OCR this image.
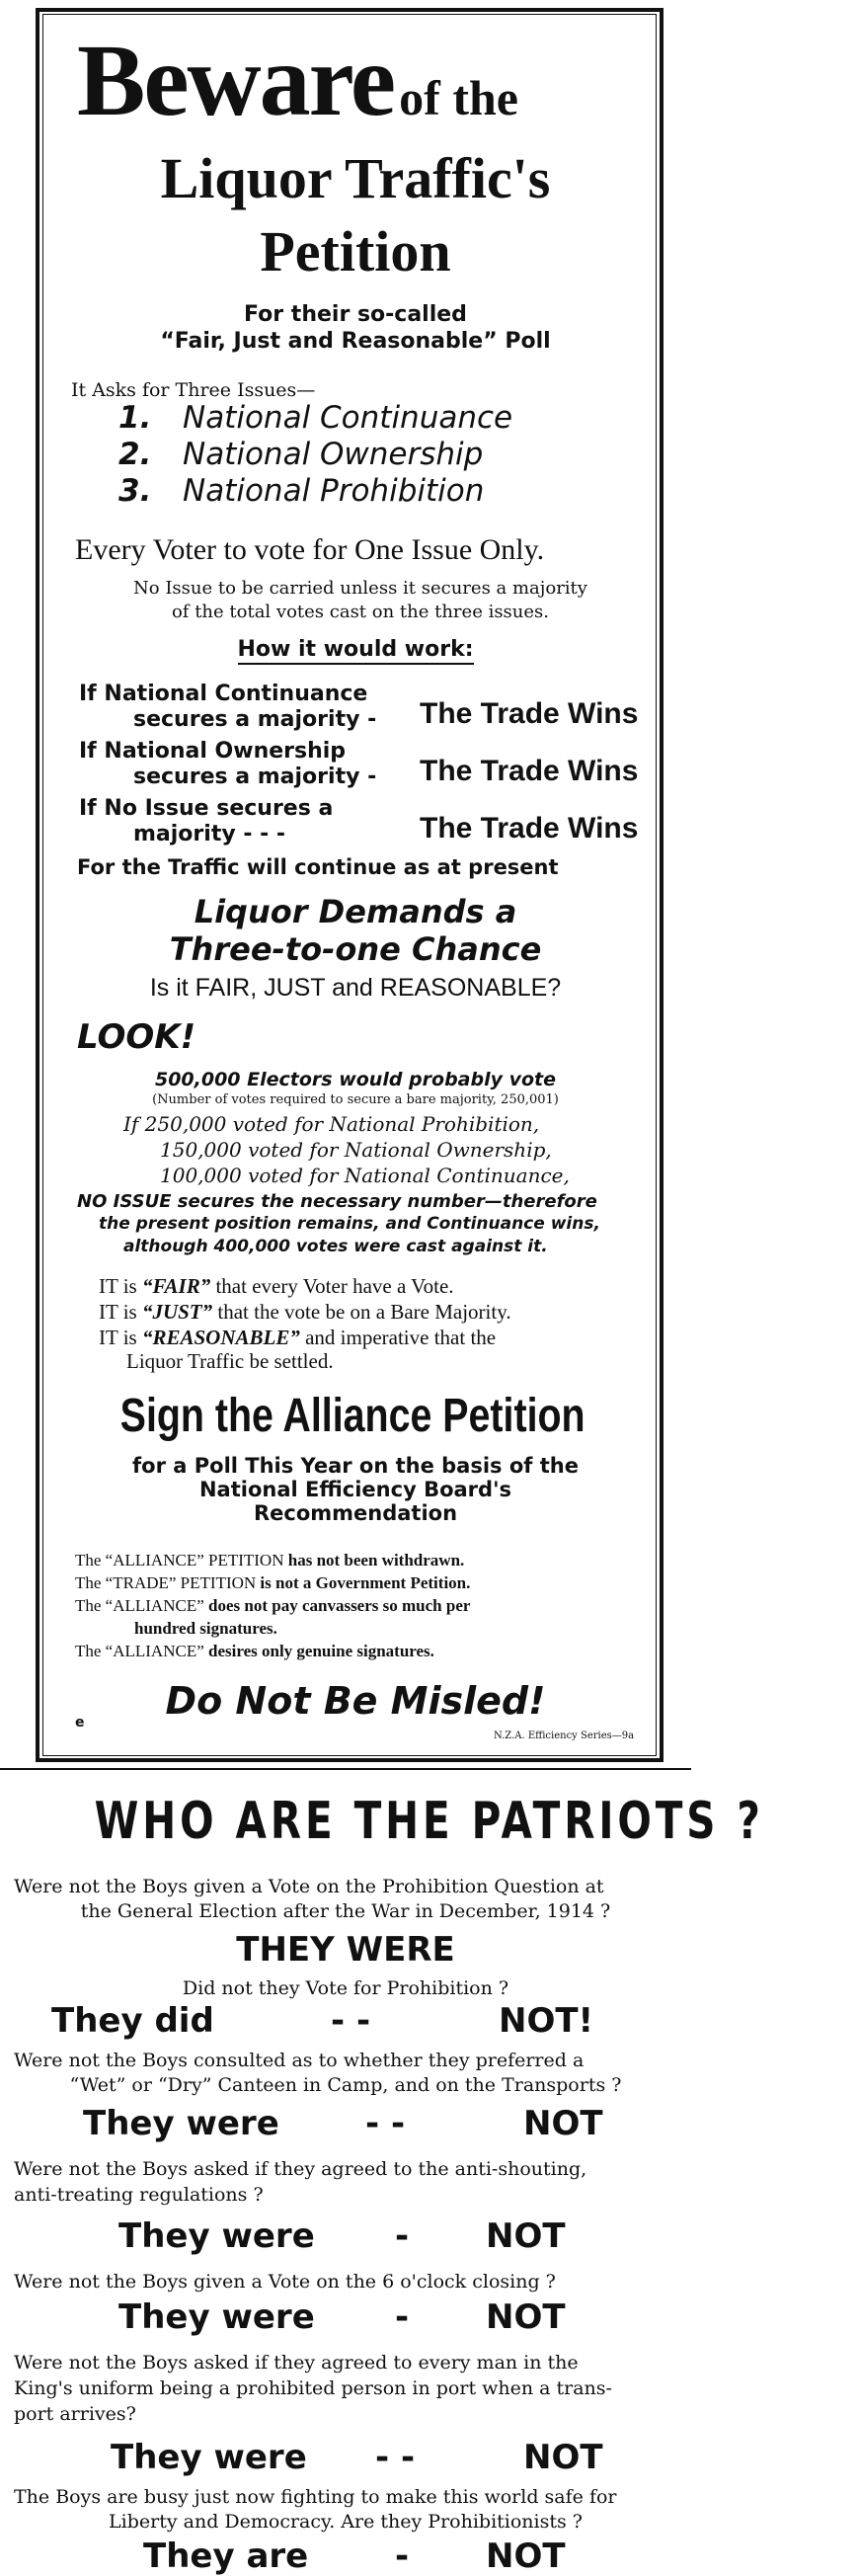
Beware of the
Liquor Traffic's
Petition
For their so-called
“Fair, Just and Reasonable” Poll
It Asks for Three Issues—
1. National Continuance
2. National Ownership
3. National Prohibition
Every Voter to vote for One Issue Only.
No Issue to be carried unless it secures a majority
of the total votes cast on the three issues.
How it would work:
If National Continuance
secures a majority -	The Trade Wins
If National Ownership
secures a majority -	The Trade Wins
If No Issue secures a
majority - - -	The Trade Wins
For the Traffic will continue as at present
Liquor Demands a
Three-to-one Chance
Is it FAIR, JUST and REASONABLE?
LOOK!
500,000 Electors would probably vote
(Number of votes required to secure a bare majority, 250,001)
If 250,000 voted for National Prohibition,
150,000 voted for National Ownership,
100,000 voted for National Continuance,
NO ISSUE secures the necessary number—therefore
the present position remains, and Continuance wins,
although 400,000 votes were cast against it.
IT is “FAIR” that every Voter have a Vote.
IT is “JUST” that the vote be on a Bare Majority.
IT is “REASONABLE” and imperative that the
Liquor Traffic be settled.
Sign the Alliance Petition
for a Poll This Year on the basis of the
National Efficiency Board's
Recommendation
The “ALLIANCE” PETITION has not been withdrawn.
The “TRADE” PETITION is not a Government Petition.
The “ALLIANCE” does not pay canvassers so much per
hundred signatures.
The “ALLIANCE” desires only genuine signatures.
Do Not Be Misled!
e
N.Z.A. Efficiency Series—9a
WHO ARE THE PATRIOTS ?
Were not the Boys given a Vote on the Prohibition Question at
the General Election after the War in December, 1914 ?
THEY WERE
Did not they Vote for Prohibition ?
They did	- -	NOT!
Were not the Boys consulted as to whether they preferred a
“Wet” or “Dry” Canteen in Camp, and on the Transports ?
They were	- -	NOT
Were not the Boys asked if they agreed to the anti-shouting,
anti-treating regulations ?
They were - NOT
Were not the Boys given a Vote on the 6 o'clock closing ?
They were - NOT
Were not the Boys asked if they agreed to every man in the
King's uniform being a prohibited person in port when a trans-
port arrives?
They were - -	NOT
The Boys are busy just now fighting to make this world safe for
Liberty and Democracy. Are they Prohibitionists ?
They are	- NOT
